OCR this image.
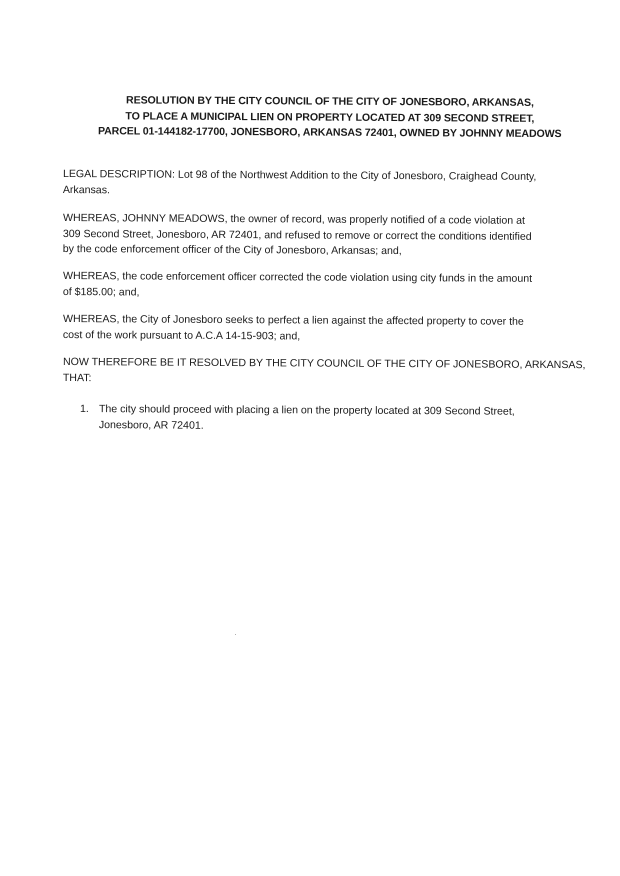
RESOLUTION BY THE CITY COUNCIL OF THE CITY OF JONESBORO, ARKANSAS,
TO PLACE A MUNICIPAL LIEN ON PROPERTY LOCATED AT 309 SECOND STREET,
PARCEL 01-144182-17700, JONESBORO, ARKANSAS 72401, OWNED BY JOHNNY MEADOWS
LEGAL DESCRIPTION: Lot 98 of the Northwest Addition to the City of Jonesboro, Craighead County,
Arkansas.
WHEREAS, JOHNNY MEADOWS, the owner of record, was properly notified of a code violation at
309 Second Street, Jonesboro, AR 72401, and refused to remove or correct the conditions identified
by the code enforcement officer of the City of Jonesboro, Arkansas; and,
WHEREAS, the code enforcement officer corrected the code violation using city funds in the amount
of $185.00; and,
WHEREAS, the City of Jonesboro seeks to perfect a lien against the affected property to cover the
cost of the work pursuant to A.C.A 14-15-903; and,
NOW THEREFORE BE IT RESOLVED BY THE CITY COUNCIL OF THE CITY OF JONESBORO, ARKANSAS,
THAT:
1. The city should proceed with placing a lien on the property located at 309 Second Street,
Jonesboro, AR 72401.
